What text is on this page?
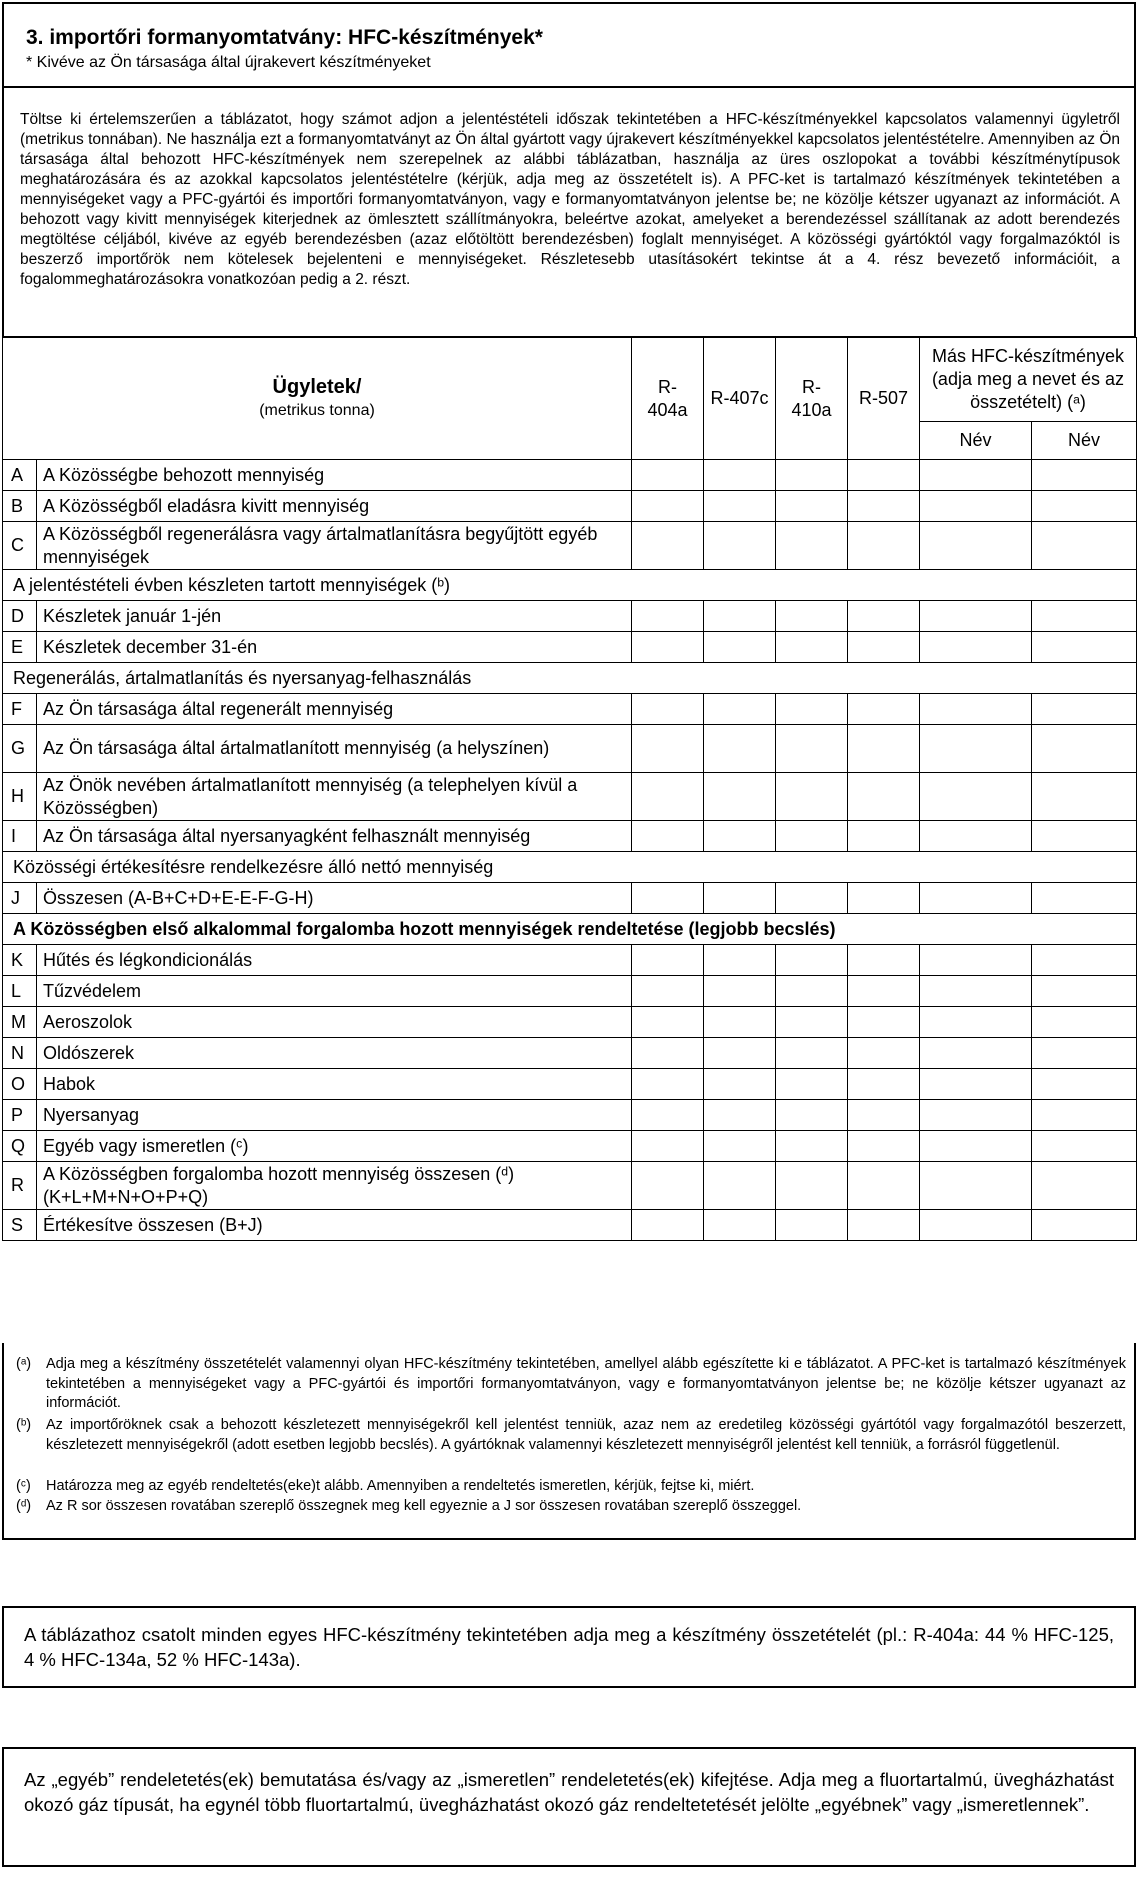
3. importőri formanyomtatvány: HFC-készítmények*
* Kivéve az Ön társasága által újrakevert készítményeket
Töltse ki értelemszerűen a táblázatot, hogy számot adjon a jelentéstételi időszak tekintetében a HFC-készítményekkel kapcsolatos valamennyi ügyletről (metrikus tonnában). Ne használja ezt a formanyomtatványt az Ön által gyártott vagy újrakevert készítményekkel kapcsolatos jelentéstételre. Amennyiben az Ön társasága által behozott HFC-készítmények nem szerepelnek az alábbi táblázatban, használja az üres oszlopokat a további készítménytípusok meghatározására és az azokkal kapcsolatos jelentéstételre (kérjük, adja meg az összetételt is). A PFC-ket is tartalmazó készítmények tekintetében a mennyiségeket vagy a PFC-gyártói és importőri formanyomtatványon, vagy e formanyomtatványon jelentse be; ne közölje kétszer ugyanazt az információt. A behozott vagy kivitt mennyiségek kiterjednek az ömlesztett szállítmányokra, beleértve azokat, amelyeket a berendezéssel szállítanak az adott berendezés megtöltése céljából, kivéve az egyéb berendezésben (azaz előtöltött berendezésben) foglalt mennyiséget. A közösségi gyártóktól vagy forgalmazóktól is beszerző importőrök nem kötelesek bejelenteni e mennyiségeket. Részletesebb utasításokért tekintse át a 4. rész bevezető információit, a fogalommeghatározásokra vonatkozóan pedig a 2. részt.
Ügyletek/
(metrikus tonna)		R-404a	R-407c	R-410a	R-507	Más HFC-készítmények (adja meg a nevet és az összetételt) (ᵃ)	
						Név	Név
A	A Közösségbe behozott mennyiség						
B	A Közösségből eladásra kivitt mennyiség						
C	A Közösségből regenerálásra vagy ártalmatlanításra begyűjtött egyéb mennyiségek						
A jelentéstételi évben készleten tartott mennyiségek (ᵇ)							
D	Készletek január 1-jén						
E	Készletek december 31-én						
Regenerálás, ártalmatlanítás és nyersanyag-felhasználás							
F	Az Ön társasága által regenerált mennyiség						
G	Az Ön társasága által ártalmatlanított mennyiség (a helyszínen)						
H	Az Önök nevében ártalmatlanított mennyiség (a telephelyen kívül a Közösségben)						
I	Az Ön társasága által nyersanyagként felhasznált mennyiség						
Közösségi értékesítésre rendelkezésre álló nettó mennyiség							
J	Összesen (A-B+C+D+E-E-F-G-H)						
A Közösségben első alkalommal forgalomba hozott mennyiségek rendeltetése (legjobb becslés)							
K	Hűtés és légkondicionálás						
L	Tűzvédelem						
M	Aeroszolok						
N	Oldószerek						
O	Habok						
P	Nyersanyag						
Q	Egyéb vagy ismeretlen (ᶜ)						
R	A Közösségben forgalomba hozott mennyiség összesen (ᵈ) (K+L+M+N+O+P+Q)						
S	Értékesítve összesen (B+J)						
(ᵃ) Adja meg a készítmény összetételét valamennyi olyan HFC-készítmény tekintetében, amellyel alább egészítette ki e táblázatot. A PFC-ket is tartalmazó készítmények tekintetében a mennyiségeket vagy a PFC-gyártói és importőri formanyomtatványon, vagy e formanyomtatványon jelentse be; ne közölje kétszer ugyanazt az információt.
(ᵇ) Az importőröknek csak a behozott készletezett mennyiségekről kell jelentést tenniük, azaz nem az eredetileg közösségi gyártótól vagy forgalmazótól beszerzett, készletezett mennyiségekről (adott esetben legjobb becslés). A gyártóknak valamennyi készletezett mennyiségről jelentést kell tenniük, a forrásról függetlenül.
(ᶜ) Határozza meg az egyéb rendeltetés(eke)t alább. Amennyiben a rendeltetés ismeretlen, kérjük, fejtse ki, miért.
(ᵈ) Az R sor összesen rovatában szereplő összegnek meg kell egyeznie a J sor összesen rovatában szereplő összeggel.
A táblázathoz csatolt minden egyes HFC-készítmény tekintetében adja meg a készítmény összetételét (pl.: R-404a: 44 % HFC-125, 4 % HFC-134a, 52 % HFC-143a).
Az „egyéb” rendeletetés(ek) bemutatása és/vagy az „ismeretlen” rendeletetés(ek) kifejtése. Adja meg a fluortartalmú, üvegházhatást okozó gáz típusát, ha egynél több fluortartalmú, üvegházhatást okozó gáz rendeltetetését jelölte „egyébnek” vagy „ismeretlennek”.
